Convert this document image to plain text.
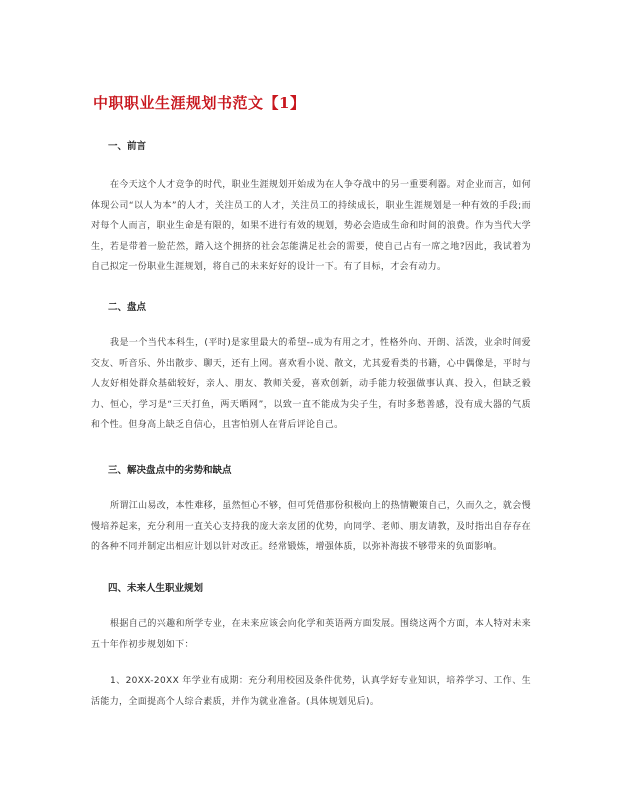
中职职业生涯规划书范文【1】
一、前言
在今天这个人才竞争的时代，职业生涯规划开始成为在人争夺战中的另一重要利器。对企业而言，如何体现公司“以人为本”的人才，关注员工的人才，关注员工的持续成长，职业生涯规划是一种有效的手段;而对每个人而言，职业生命是有限的，如果不进行有效的规划，势必会造成生命和时间的浪费。作为当代大学生，若是带着一脸茫然，踏入这个拥挤的社会怎能满足社会的需要，使自己占有一席之地?因此，我试着为自己拟定一份职业生涯规划，将自己的未来好好的设计一下。有了目标，才会有动力。
二、盘点
我是一个当代本科生，(平时)是家里最大的希望--成为有用之才，性格外向、开朗、活泼，业余时间爱交友、听音乐、外出散步、聊天，还有上网。喜欢看小说、散文，尤其爱看类的书籍，心中偶像是，平时与人友好相处群众基础较好，亲人、朋友、教师关爱，喜欢创新，动手能力较强做事认真、投入，但缺乏毅力、恒心，学习是“三天打鱼，两天晒网”，以致一直不能成为尖子生，有时多愁善感，没有成大器的气质和个性。但身高上缺乏自信心，且害怕别人在背后评论自己。
三、解决盘点中的劣势和缺点
所谓江山易改，本性难移，虽然恒心不够，但可凭借那份积极向上的热情鞭策自己，久而久之，就会慢慢培养起来，充分利用一直关心支持我的庞大亲友团的优势，向同学、老师、朋友请教，及时指出自存存在的各种不同并制定出相应计划以针对改正。经常锻炼，增强体质，以弥补海拔不够带来的负面影响。
四、未来人生职业规划
根据自己的兴趣和所学专业，在未来应该会向化学和英语两方面发展。围绕这两个方面，本人特对未来五十年作初步规划如下：
1、20XX-20XX 年学业有成期：充分利用校园及条件优势，认真学好专业知识，培养学习、工作、生活能力，全面提高个人综合素质，并作为就业准备。(具体规划见后)。
